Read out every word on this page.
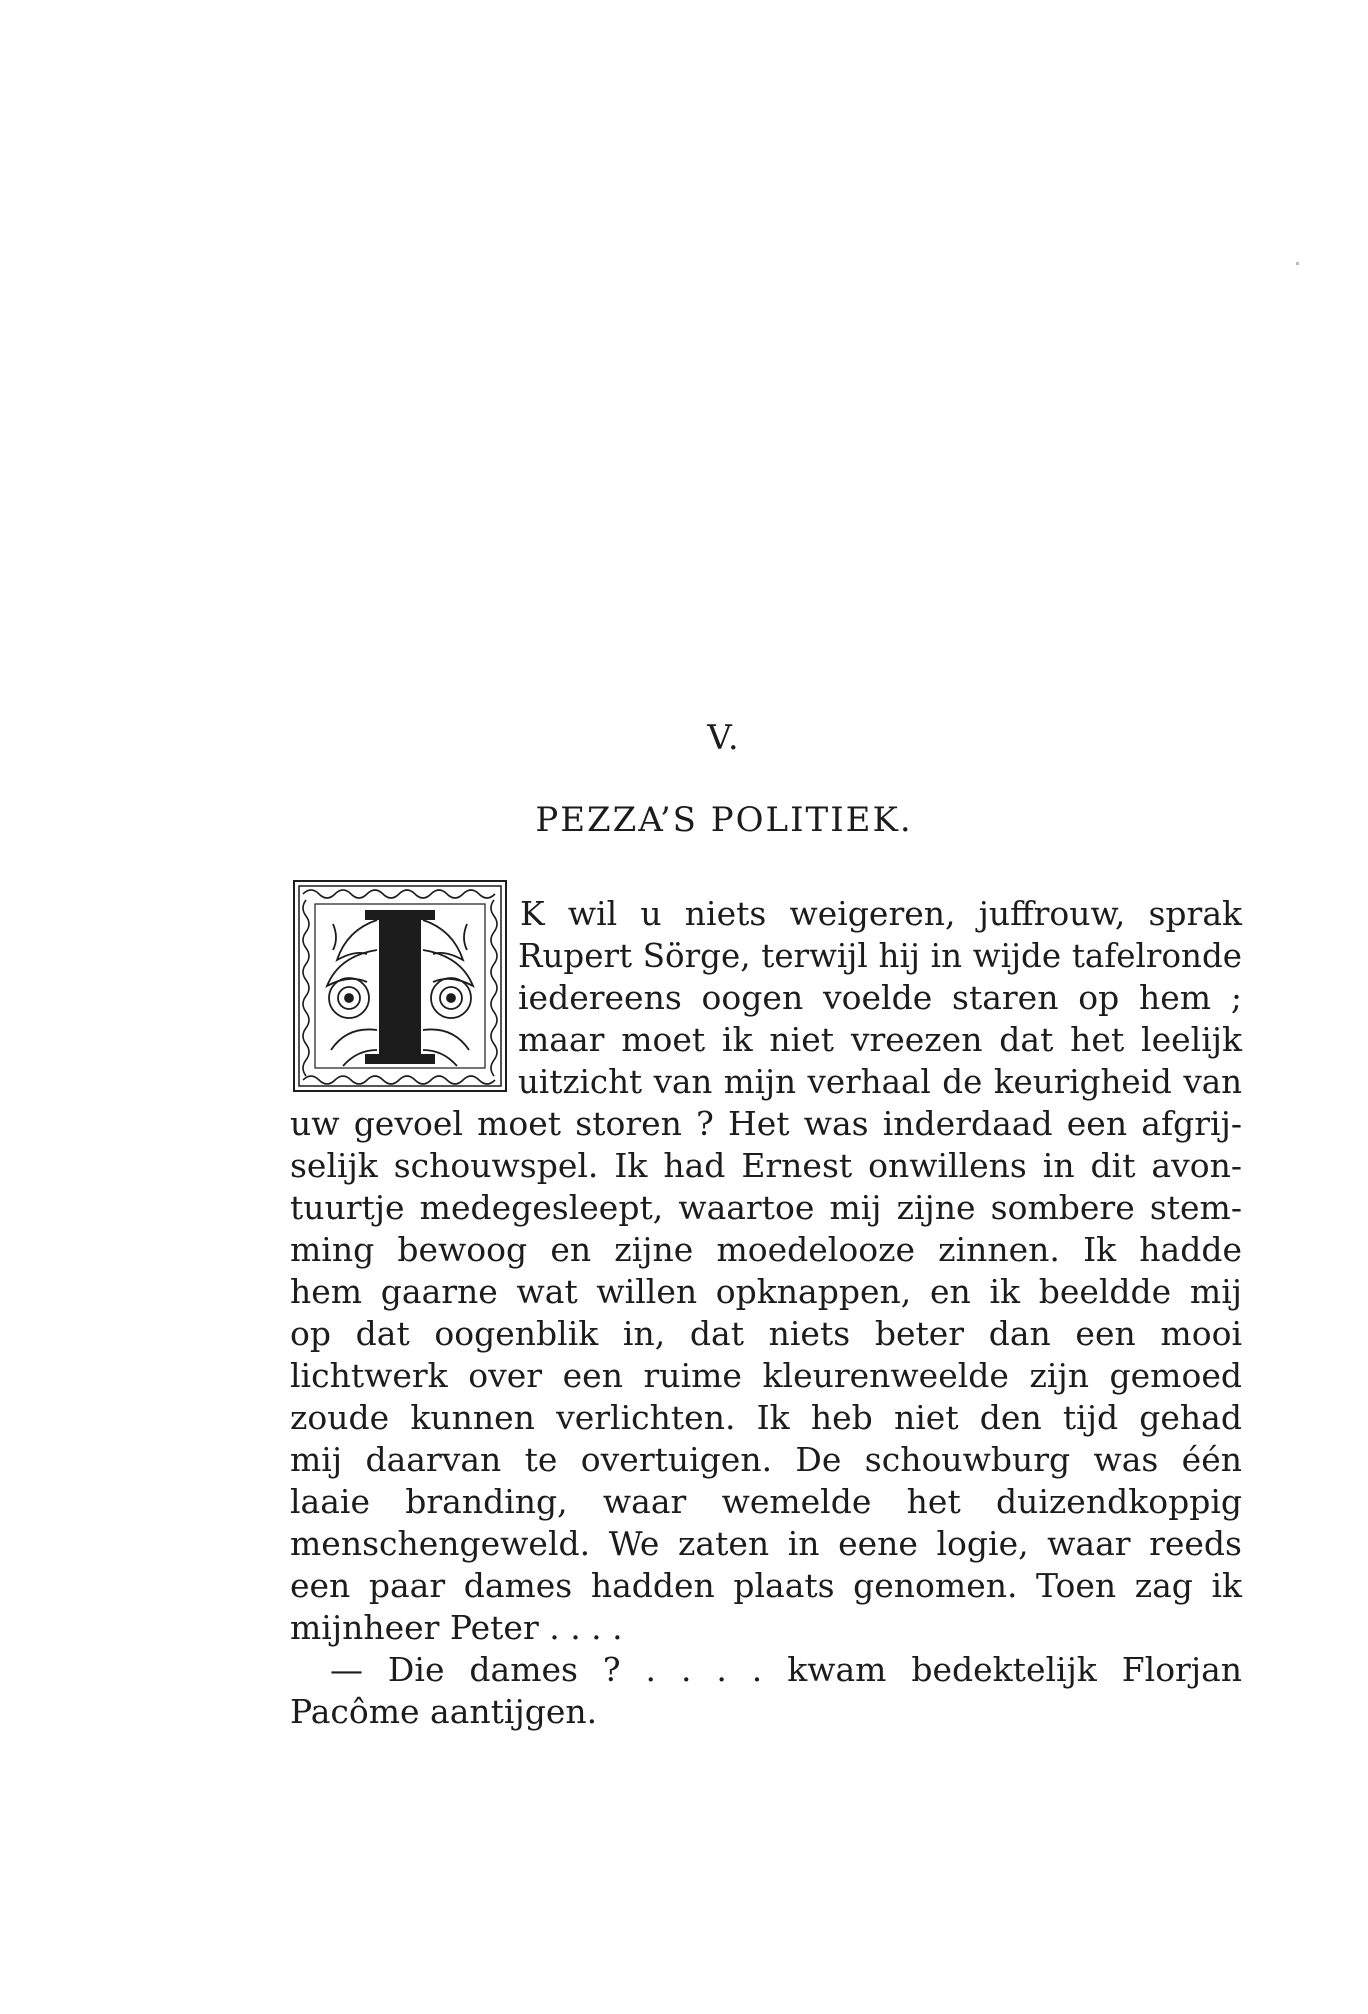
V.
PEZZA’S POLITIEK.
K wil u niets weigeren, juffrouw, sprak
Rupert Sörge, terwijl hij in wijde tafelronde
iedereens oogen voelde staren op hem ;
maar moet ik niet vreezen dat het leelijk
uitzicht van mijn verhaal de keurigheid van
uw gevoel moet storen ? Het was inderdaad een afgrij-
selijk schouwspel. Ik had Ernest onwillens in dit avon-
tuurtje medegesleept, waartoe mij zijne sombere stem-
ming bewoog en zijne moedelooze zinnen. Ik hadde
hem gaarne wat willen opknappen, en ik beeldde mij
op dat oogenblik in, dat niets beter dan een mooi
lichtwerk over een ruime kleurenweelde zijn gemoed
zoude kunnen verlichten. Ik heb niet den tijd gehad
mij daarvan te overtuigen. De schouwburg was één
laaie branding, waar wemelde het duizendkoppig
menschengeweld. We zaten in eene logie, waar reeds
een paar dames hadden plaats genomen. Toen zag ik
mijnheer Peter . . . .
— Die dames ? . . . . kwam bedektelijk Florjan
Pacôme aantijgen.
